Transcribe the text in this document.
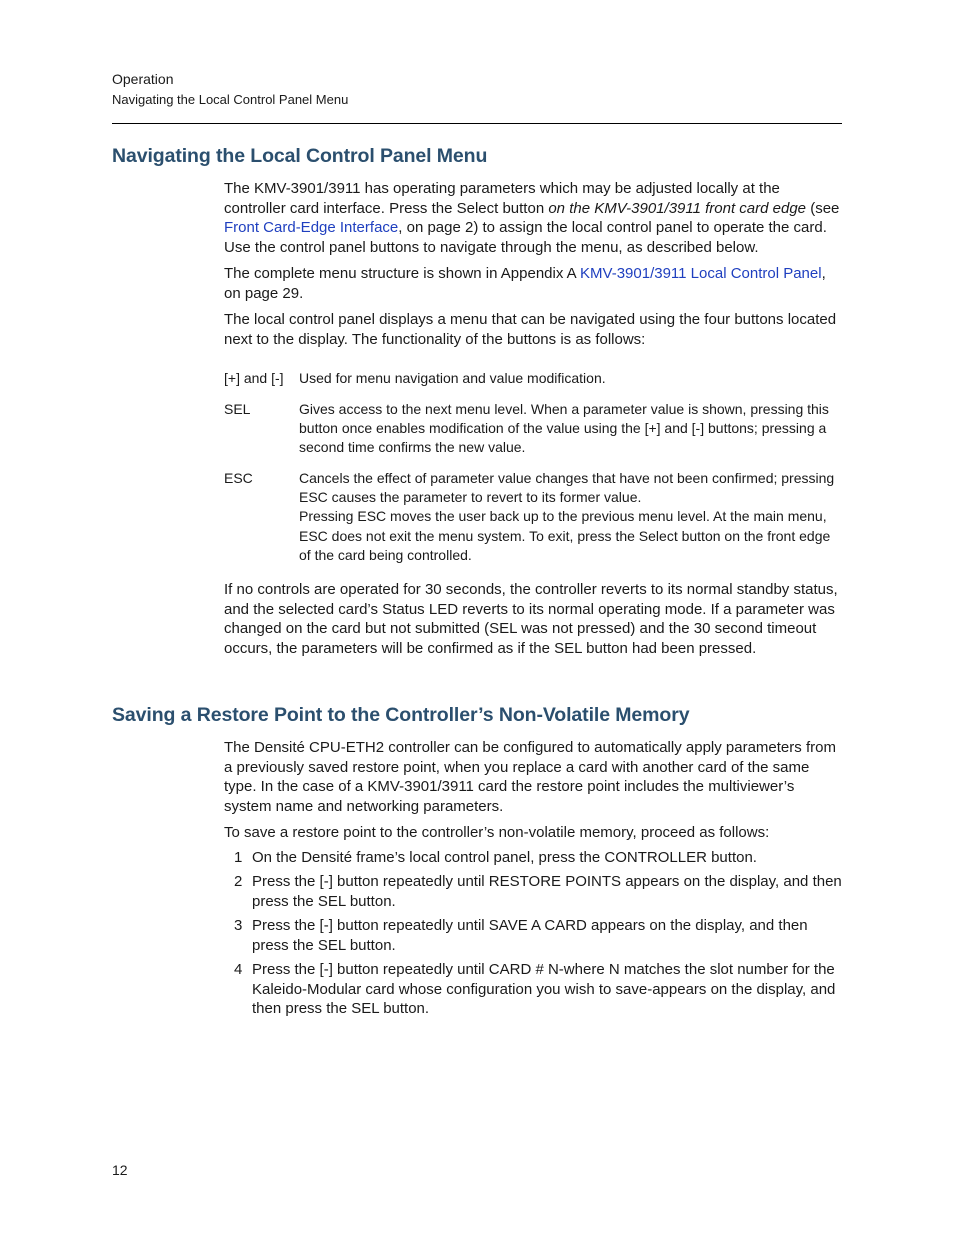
Operation
Navigating the Local Control Panel Menu
Navigating the Local Control Panel Menu

The KMV-3901/3911 has operating parameters which may be adjusted locally at the controller card interface. Press the Select button on the KMV-3901/3911 front card edge (see Front Card-Edge Interface, on page 2) to assign the local control panel to operate the card. Use the control panel buttons to navigate through the menu, as described below.

The complete menu structure is shown in Appendix A KMV-3901/3911 Local Control Panel, on page 29.

The local control panel displays a menu that can be navigated using the four buttons located next to the display. The functionality of the buttons is as follows:

[+] and [-] Used for menu navigation and value modification.
SEL	Gives access to the next menu level. When a parameter value is shown, pressing this button once enables modification of the value using the [+] and [-] buttons; pressing a second time confirms the new value.
ESC	Cancels the effect of parameter value changes that have not been confirmed; pressing ESC causes the parameter to revert to its former value.
Pressing ESC moves the user back up to the previous menu level. At the main menu, ESC does not exit the menu system. To exit, press the Select button on the front edge of the card being controlled.

If no controls are operated for 30 seconds, the controller reverts to its normal standby status, and the selected card’s Status LED reverts to its normal operating mode. If a parameter was changed on the card but not submitted (SEL was not pressed) and the 30 second timeout occurs, the parameters will be confirmed as if the SEL button had been pressed.

Saving a Restore Point to the Controller’s Non-Volatile Memory

The Densité CPU-ETH2 controller can be configured to automatically apply parameters from a previously saved restore point, when you replace a card with another card of the same type. In the case of a KMV-3901/3911 card the restore point includes the multiviewer’s system name and networking parameters.

To save a restore point to the controller’s non-volatile memory, proceed as follows:

1 On the Densité frame’s local control panel, press the CONTROLLER button.
2 Press the [-] button repeatedly until RESTORE POINTS appears on the display, and then press the SEL button.
3 Press the [-] button repeatedly until SAVE A CARD appears on the display, and then press the SEL button.
4 Press the [-] button repeatedly until CARD # N-where N matches the slot number for the Kaleido-Modular card whose configuration you wish to save-appears on the display, and then press the SEL button.
12
